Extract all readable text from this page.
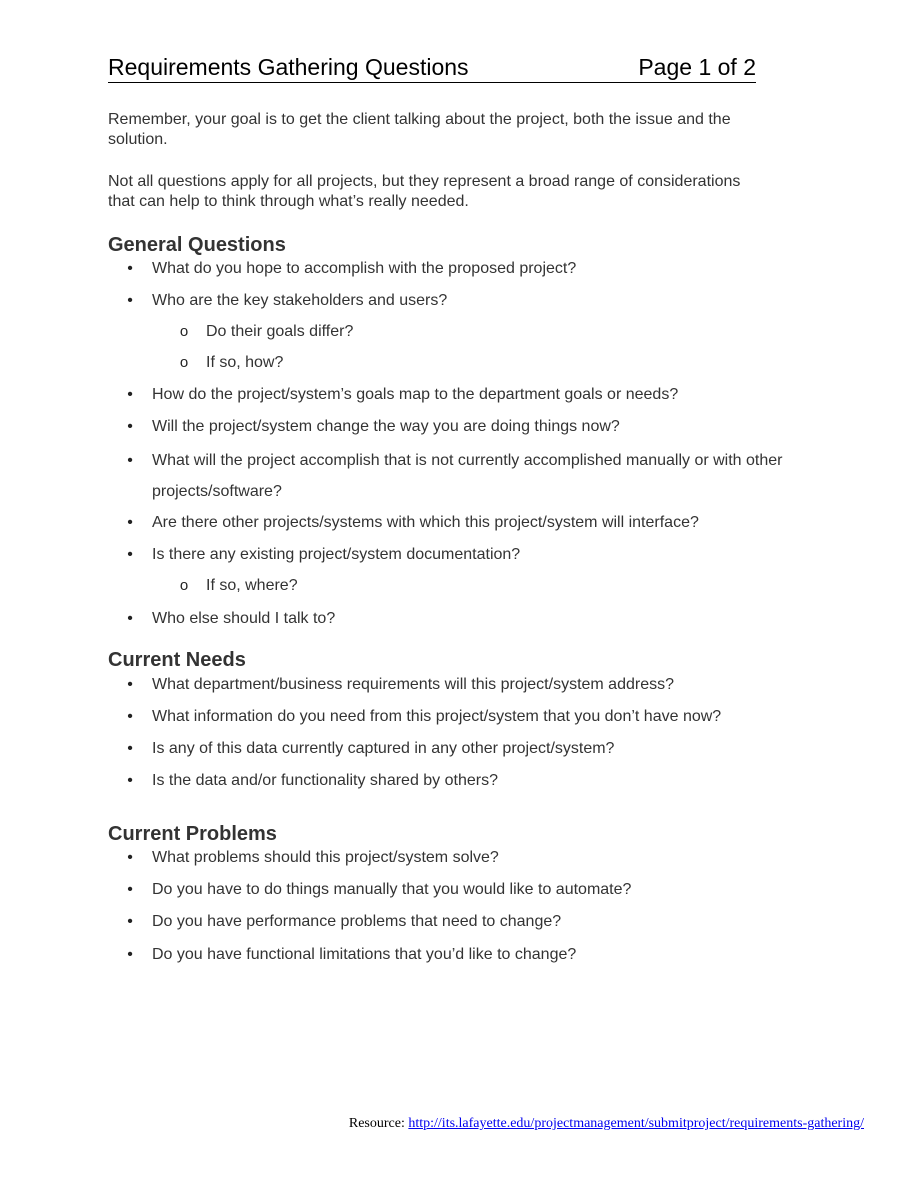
Requirements Gathering Questions	Page 1 of 2

Remember, your goal is to get the client talking about the project, both the issue and the solution.

Not all questions apply for all projects, but they represent a broad range of considerations that can help to think through what’s really needed.

General Questions
• What do you hope to accomplish with the proposed project?
• Who are the key stakeholders and users?
o Do their goals differ?
o If so, how?
• How do the project/system’s goals map to the department goals or needs?
• Will the project/system change the way you are doing things now?
• What will the project accomplish that is not currently accomplished manually or with other projects/software?
• Are there other projects/systems with which this project/system will interface?
• Is there any existing project/system documentation?
o If so, where?
• Who else should I talk to?
Current Needs
• What department/business requirements will this project/system address?
• What information do you need from this project/system that you don’t have now?
• Is any of this data currently captured in any other project/system?
• Is the data and/or functionality shared by others?
Current Problems
• What problems should this project/system solve?
• Do you have to do things manually that you would like to automate?
• Do you have performance problems that need to change?
• Do you have functional limitations that you’d like to change?
Resource: http://its.lafayette.edu/projectmanagement/submitproject/requirements-gathering/
